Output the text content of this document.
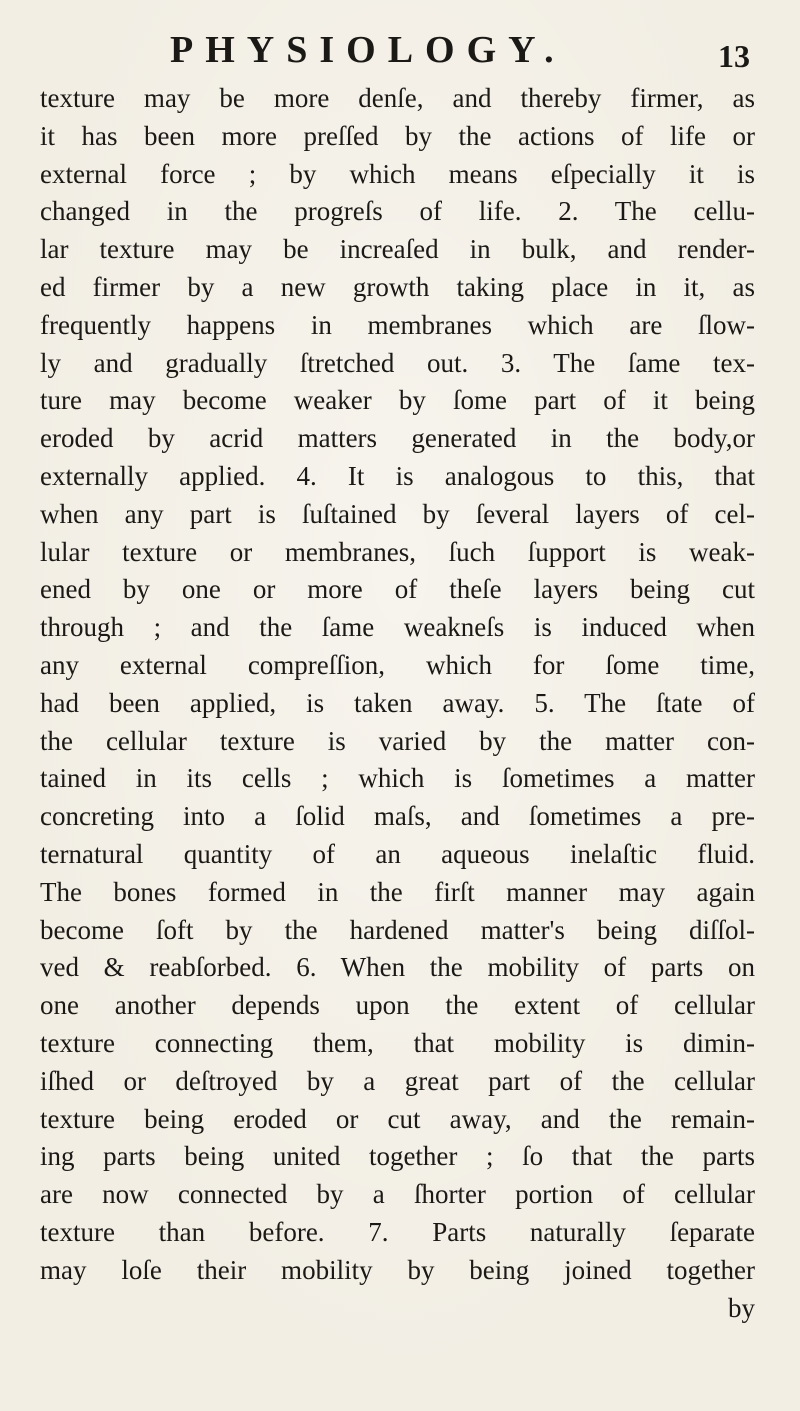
PHYSIOLOGY.	13
texture may be more denſe, and thereby firmer, as
it has been more preſſed by the actions of life or
external force ; by which means eſpecially it is
changed in the progreſs of life. 2. The cellu-
lar texture may be increaſed in bulk, and render-
ed firmer by a new growth taking place in it, as
frequently happens in membranes which are ſlow-
ly and gradually ſtretched out. 3. The ſame tex-
ture may become weaker by ſome part of it being
eroded by acrid matters generated in the body,or
externally applied. 4. It is analogous to this, that
when any part is ſuſtained by ſeveral layers of cel-
lular texture or membranes, ſuch ſupport is weak-
ened by one or more of theſe layers being cut
through ; and the ſame weakneſs is induced when
any external compreſſion, which for ſome time,
had been applied, is taken away. 5. The ſtate of
the cellular texture is varied by the matter con-
tained in its cells ; which is ſometimes a matter
concreting into a ſolid maſs, and ſometimes a pre-
ternatural quantity of an aqueous inelaſtic fluid.
The bones formed in the firſt manner may again
become ſoft by the hardened matter's being diſſol-
ved & reabſorbed. 6. When the mobility of parts on
one another depends upon the extent of cellular
texture connecting them, that mobility is dimin-
iſhed or deſtroyed by a great part of the cellular
texture being eroded or cut away, and the remain-
ing parts being united together ; ſo that the parts
are now connected by a ſhorter portion of cellular
texture than before. 7. Parts naturally ſeparate
may loſe their mobility by being joined together
by
